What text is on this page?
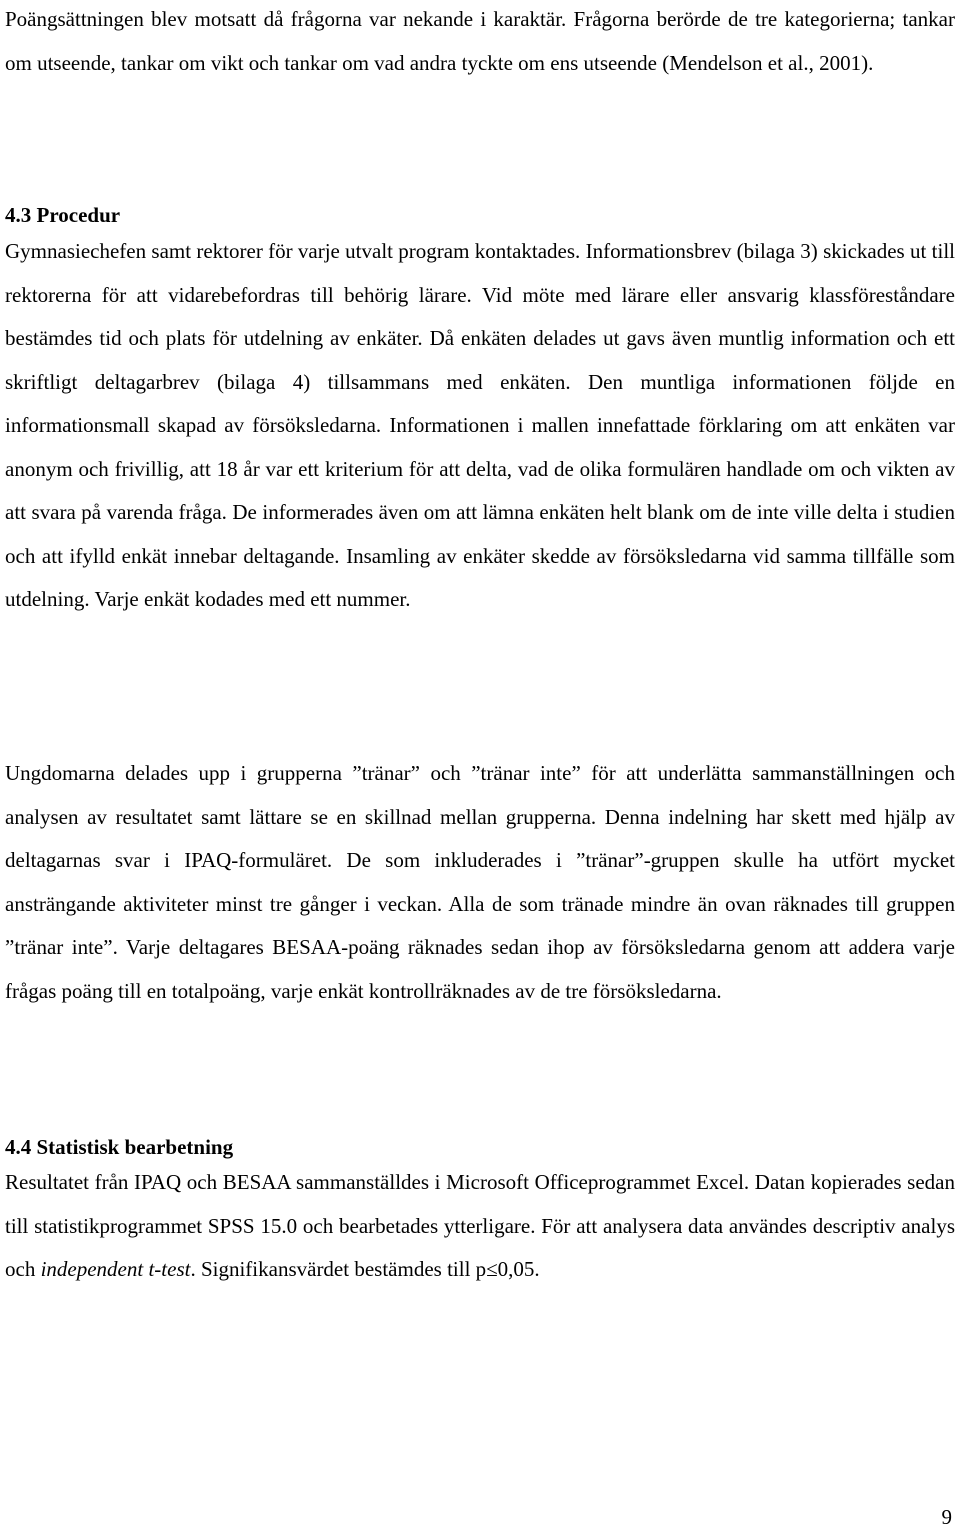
Poängsättningen blev motsatt då frågorna var nekande i karaktär. Frågorna berörde de tre kategorierna; tankar om utseende, tankar om vikt och tankar om vad andra tyckte om ens utseende (Mendelson et al., 2001).

4.3 Procedur

Gymnasiechefen samt rektorer för varje utvalt program kontaktades. Informationsbrev (bilaga 3) skickades ut till rektorerna för att vidarebefordras till behörig lärare. Vid möte med lärare eller ansvarig klassföreståndare bestämdes tid och plats för utdelning av enkäter. Då enkäten delades ut gavs även muntlig information och ett skriftligt deltagarbrev (bilaga 4) tillsammans med enkäten. Den muntliga informationen följde en informationsmall skapad av försöksledarna. Informationen i mallen innefattade förklaring om att enkäten var anonym och frivillig, att 18 år var ett kriterium för att delta, vad de olika formulären handlade om och vikten av att svara på varenda fråga. De informerades även om att lämna enkäten helt blank om de inte ville delta i studien och att ifylld enkät innebar deltagande. Insamling av enkäter skedde av försöksledarna vid samma tillfälle som utdelning. Varje enkät kodades med ett nummer.

Ungdomarna delades upp i grupperna ”tränar” och ”tränar inte” för att underlätta sammanställningen och analysen av resultatet samt lättare se en skillnad mellan grupperna. Denna indelning har skett med hjälp av deltagarnas svar i IPAQ-formuläret. De som inkluderades i ”tränar”-gruppen skulle ha utfört mycket ansträngande aktiviteter minst tre gånger i veckan. Alla de som tränade mindre än ovan räknades till gruppen ”tränar inte”. Varje deltagares BESAA-poäng räknades sedan ihop av försöksledarna genom att addera varje frågas poäng till en totalpoäng, varje enkät kontrollräknades av de tre försöksledarna.

4.4 Statistisk bearbetning

Resultatet från IPAQ och BESAA sammanställdes i Microsoft Officeprogrammet Excel. Datan kopierades sedan till statistikprogrammet SPSS 15.0 och bearbetades ytterligare. För att analysera data användes descriptiv analys och independent t-test. Signifikansvärdet bestämdes till p≤0,05.

9
